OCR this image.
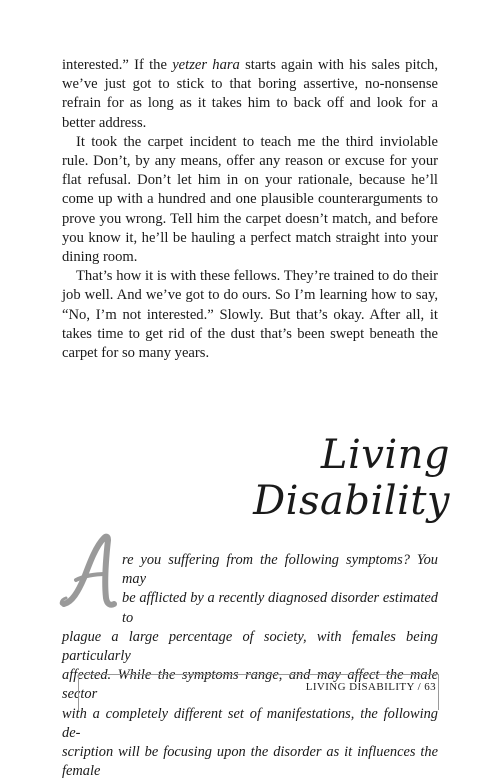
interested.” If the yetzer hara starts again with his sales pitch, we’ve just got to stick to that boring assertive, no-nonsense refrain for as long as it takes him to back off and look for a better address.

It took the carpet incident to teach me the third inviolable rule. Don’t, by any means, offer any reason or excuse for your flat refusal. Don’t let him in on your rationale, because he’ll come up with a hundred and one plausible counterarguments to prove you wrong. Tell him the carpet doesn’t match, and before you know it, he’ll be hauling a perfect match straight into your dining room.

That’s how it is with these fellows. They’re trained to do their job well. And we’ve got to do ours. So I’m learning how to say, “No, I’m not interested.” Slowly. But that’s okay. After all, it takes time to get rid of the dust that’s been swept beneath the carpet for so many years.

Living Disability
re you suffering from the following symptoms? You may
be afflicted by a recently diagnosed disorder estimated to
plague a large percentage of society, with females being particularly
affected. While the symptoms range, and may affect the male sector
with a completely different set of manifestations, the following de-
scription will be focusing upon the disorder as it influences the female
LIVING DISABILITY / 63
